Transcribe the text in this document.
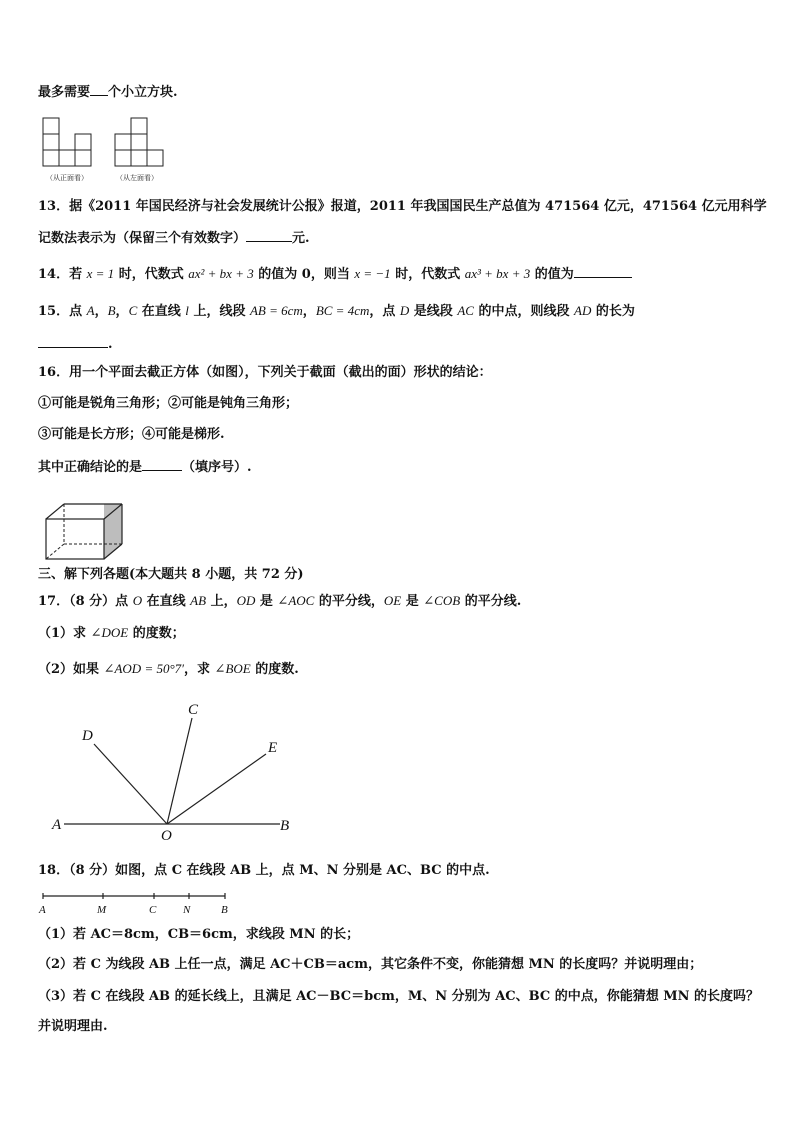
最多需要 个小立方块.
（从正面看）	（从左面看）
13．据《2011 年国民经济与社会发展统计公报》报道，2011 年我国国民生产总值为 471564 亿元，471564 亿元用科学
记数法表示为（保留三个有效数字）	元.
14．若 x = 1 时，代数式 ax² + bx + 3 的值为 0，则当 x = −1 时，代数式 ax³ + bx + 3 的值为
15．点 A，B，C 在直线 l 上，线段 AB = 6cm，BC = 4cm，点 D 是线段 AC 的中点，则线段 AD 的长为
.
16．用一个平面去截正方体（如图），下列关于截面（截出的面）形状的结论：
①可能是锐角三角形；②可能是钝角三角形；
③可能是长方形；④可能是梯形.
其中正确结论的是	（填序号）.
三、解下列各题(本大题共 8 小题，共 72 分)
17．（8 分）点 O 在直线 AB 上，OD 是 ∠AOC 的平分线，OE 是 ∠COB 的平分线.
（1）求 ∠DOE 的度数；
（2）如果 ∠AOD = 50°7′，求 ∠BOE 的度数.
A	B
C
D
E
O
18．（8 分）如图，点 C 在线段 AB 上，点 M、N 分别是 AC、BC 的中点.
A	M	C N	B
（1）若 AC＝8cm，CB＝6cm，求线段 MN 的长；
（2）若 C 为线段 AB 上任一点，满足 AC＋CB＝acm，其它条件不变，你能猜想 MN 的长度吗？并说明理由；
（3）若 C 在线段 AB 的延长线上，且满足 AC－BC＝bcm，M、N 分别为 AC、BC 的中点，你能猜想 MN 的长度吗？
并说明理由.
